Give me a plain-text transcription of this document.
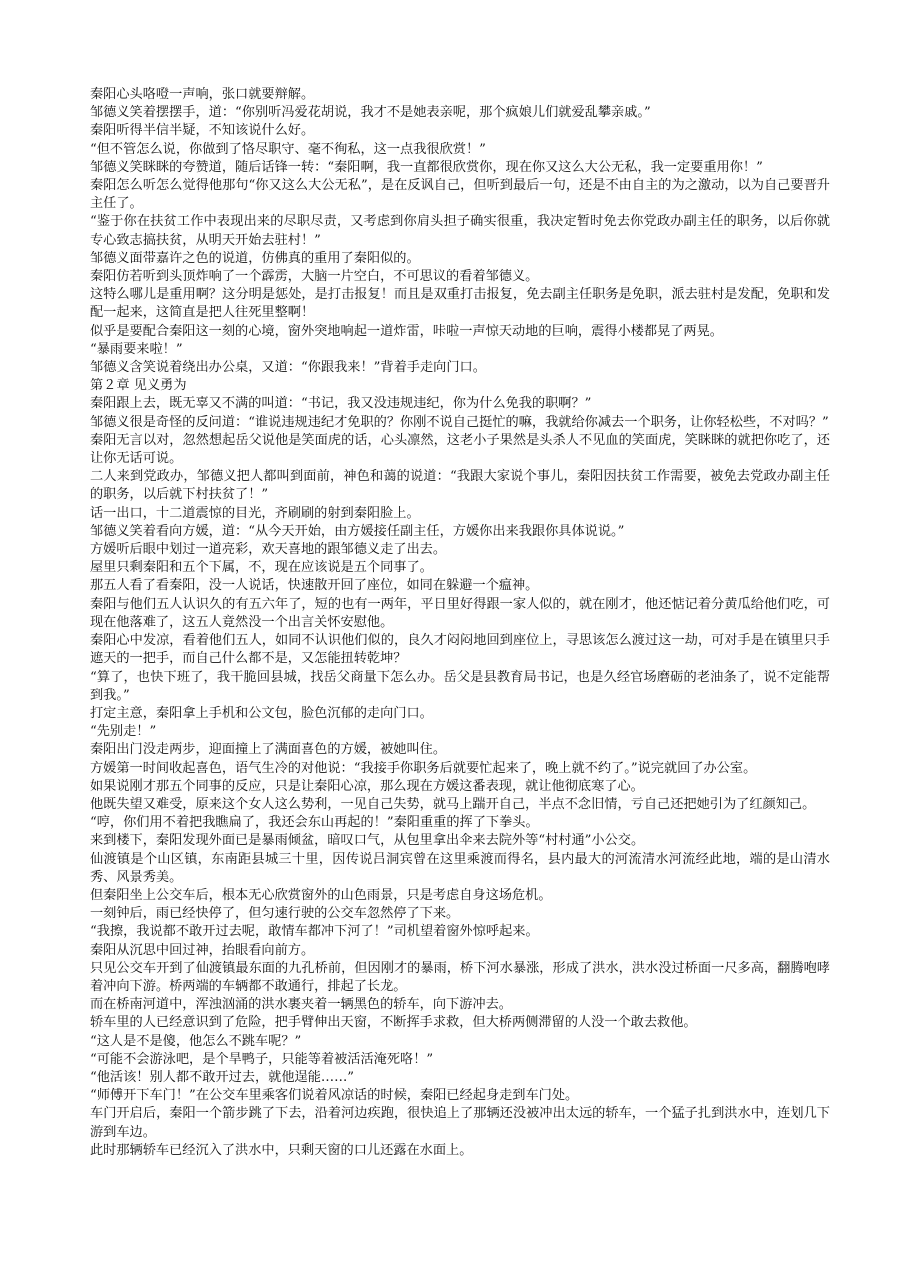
秦阳心头咯噔一声响，张口就要辩解。

邹德义笑着摆摆手，道：“你别听冯爱花胡说，我才不是她表亲呢，那个疯娘儿们就爱乱攀亲戚。”

秦阳听得半信半疑，不知该说什么好。

“但不管怎么说，你做到了恪尽职守、毫不徇私，这一点我很欣赏！”

邹德义笑眯眯的夸赞道，随后话锋一转：“秦阳啊，我一直都很欣赏你，现在你又这么大公无私，我一定要重用你！”

秦阳怎么听怎么觉得他那句“你又这么大公无私”，是在反讽自己，但听到最后一句，还是不由自主的为之激动，以为自己要晋升主任了。

“鉴于你在扶贫工作中表现出来的尽职尽责，又考虑到你肩头担子确实很重，我决定暂时免去你党政办副主任的职务，以后你就专心致志搞扶贫，从明天开始去驻村！”

邹德义面带嘉许之色的说道，仿佛真的重用了秦阳似的。

秦阳仿若听到头顶炸响了一个霹雳，大脑一片空白，不可思议的看着邹德义。

这特么哪儿是重用啊？这分明是惩处，是打击报复！而且是双重打击报复，免去副主任职务是免职，派去驻村是发配，免职和发配一起来，这简直是把人往死里整啊！

似乎是要配合秦阳这一刻的心境，窗外突地响起一道炸雷，咔啦一声惊天动地的巨响，震得小楼都晃了两晃。

“暴雨要来啦！”

邹德义含笑说着绕出办公桌，又道：“你跟我来！”背着手走向门口。

第２章 见义勇为

秦阳跟上去，既无辜又不满的叫道：“书记，我又没违规违纪，你为什么免我的职啊？”

邹德义很是奇怪的反问道：“谁说违规违纪才免职的？你刚不说自己挺忙的嘛，我就给你减去一个职务，让你轻松些，不对吗？”

秦阳无言以对，忽然想起岳父说他是笑面虎的话，心头凛然，这老小子果然是头杀人不见血的笑面虎，笑眯眯的就把你吃了，还让你无话可说。

二人来到党政办，邹德义把人都叫到面前，神色和蔼的说道：“我跟大家说个事儿，秦阳因扶贫工作需要，被免去党政办副主任的职务，以后就下村扶贫了！”

话一出口，十二道震惊的目光，齐刷刷的射到秦阳脸上。

邹德义笑着看向方媛，道：“从今天开始，由方媛接任副主任，方媛你出来我跟你具体说说。”

方媛听后眼中划过一道亮彩，欢天喜地的跟邹德义走了出去。

屋里只剩秦阳和五个下属，不，现在应该说是五个同事了。

那五人看了看秦阳，没一人说话，快速散开回了座位，如同在躲避一个瘟神。

秦阳与他们五人认识久的有五六年了，短的也有一两年，平日里好得跟一家人似的，就在刚才，他还惦记着分黄瓜给他们吃，可现在他落难了，这五人竟然没一个出言关怀安慰他。

秦阳心中发凉，看着他们五人，如同不认识他们似的，良久才闷闷地回到座位上，寻思该怎么渡过这一劫，可对手是在镇里只手遮天的一把手，而自己什么都不是，又怎能扭转乾坤？

“算了，也快下班了，我干脆回县城，找岳父商量下怎么办。岳父是县教育局书记，也是久经官场磨砺的老油条了，说不定能帮到我。”

打定主意，秦阳拿上手机和公文包，脸色沉郁的走向门口。

“先别走！”

秦阳出门没走两步，迎面撞上了满面喜色的方媛，被她叫住。

方媛第一时间收起喜色，语气生冷的对他说：“我接手你职务后就要忙起来了，晚上就不约了。”说完就回了办公室。

如果说刚才那五个同事的反应，只是让秦阳心凉，那么现在方媛这番表现，就让他彻底寒了心。

他既失望又难受，原来这个女人这么势利，一见自己失势，就马上踹开自己，半点不念旧情，亏自己还把她引为了红颜知己。

“哼，你们用不着把我瞧扁了，我还会东山再起的！”秦阳重重的挥了下拳头。

来到楼下，秦阳发现外面已是暴雨倾盆，暗叹口气，从包里拿出伞来去院外等“村村通”小公交。

仙渡镇是个山区镇，东南距县城三十里，因传说吕洞宾曾在这里乘渡而得名，县内最大的河流清水河流经此地，端的是山清水秀、风景秀美。

但秦阳坐上公交车后，根本无心欣赏窗外的山色雨景，只是考虑自身这场危机。

一刻钟后，雨已经快停了，但匀速行驶的公交车忽然停了下来。

“我擦，我说都不敢开过去呢，敢情车都冲下河了！”司机望着窗外惊呼起来。

秦阳从沉思中回过神，抬眼看向前方。

只见公交车开到了仙渡镇最东面的九孔桥前，但因刚才的暴雨，桥下河水暴涨，形成了洪水，洪水没过桥面一尺多高，翻腾咆哮着冲向下游。桥两端的车辆都不敢通行，排起了长龙。

而在桥南河道中，浑浊汹涌的洪水裹夹着一辆黑色的轿车，向下游冲去。

轿车里的人已经意识到了危险，把手臂伸出天窗，不断挥手求救，但大桥两侧滞留的人没一个敢去救他。

“这人是不是傻，他怎么不跳车呢？”

“可能不会游泳吧，是个旱鸭子，只能等着被活活淹死咯！”

“他活该！别人都不敢开过去，就他逞能……”

“师傅开下车门！”在公交车里乘客们说着风凉话的时候，秦阳已经起身走到车门处。

车门开启后，秦阳一个箭步跳了下去，沿着河边疾跑，很快追上了那辆还没被冲出太远的轿车，一个猛子扎到洪水中，连划几下游到车边。

此时那辆轿车已经沉入了洪水中，只剩天窗的口儿还露在水面上。
